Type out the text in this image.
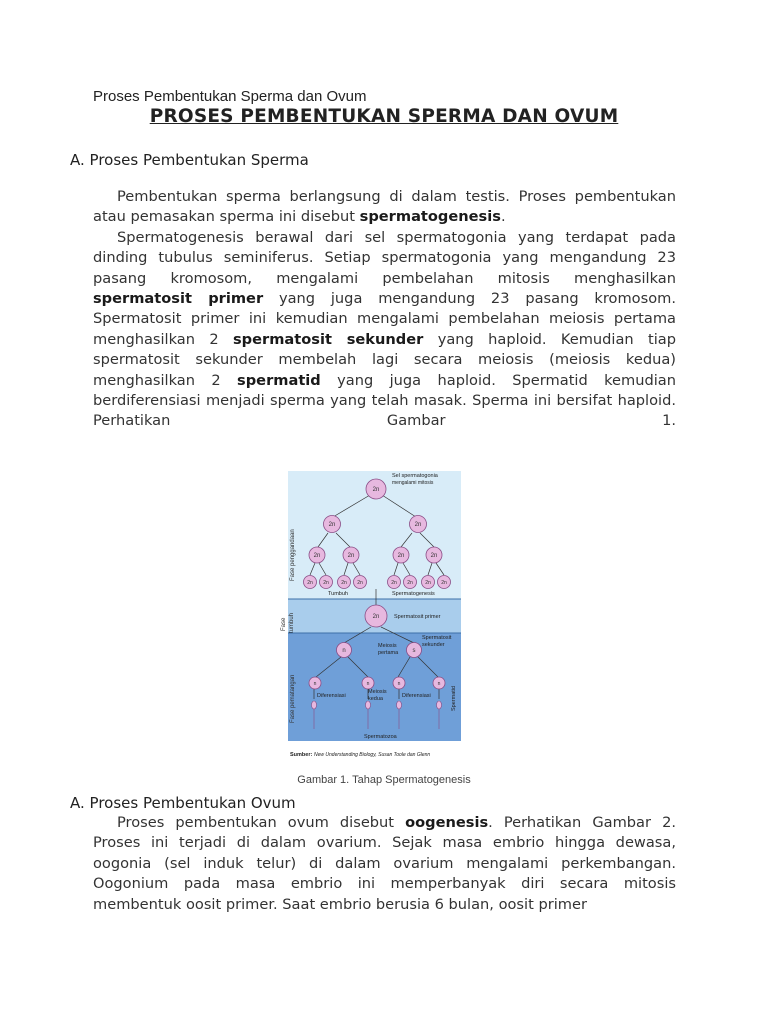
Proses Pembentukan Sperma dan Ovum
PROSES PEMBENTUKAN SPERMA DAN OVUM
A. Proses Pembentukan Sperma

Pembentukan sperma berlangsung di dalam testis. Proses pembentukan atau pemasakan sperma ini disebut spermatogenesis.

Spermatogenesis berawal dari sel spermatogonia yang terdapat pada dinding tubulus seminiferus. Setiap spermatogonia yang mengandung 23 pasang kromosom, mengalami pembelahan mitosis menghasilkan spermatosit primer yang juga mengandung 23 pasang kromosom. Spermatosit primer ini kemudian mengalami pembelahan meiosis pertama menghasilkan 2 spermatosit sekunder yang haploid. Kemudian tiap spermatosit sekunder membelah lagi secara meiosis (meiosis kedua) menghasilkan 2 spermatid yang juga haploid. Spermatid kemudian berdiferensiasi menjadi sperma yang telah masak. Sperma ini bersifat haploid. Perhatikan Gambar 1.

Fase penggandaan
Fase tumbuh
Fase pematangan
2n
2n	2n
2n	2n	2n	2n
2n 2n 2n 2n	2n 2n 2n 2n
2n
n	s
n	n	n	n
Sel spermatogonia
mengalami mitosis
Tumbuh	Spermatogenesis
Spermatosit primer
Meiosis
pertama
Spermatosit
sekunder
Diferensiasi
Meiosis
kedua	Diferensiasi	Spermatid
Spermatozoa
Sumber: New Understanding Biology, Susan Toole dan Glenn
Gambar 1. Tahap Spermatogenesis
A. Proses Pembentukan Ovum

Proses pembentukan ovum disebut oogenesis. Perhatikan Gambar 2. Proses ini terjadi di dalam ovarium. Sejak masa embrio hingga dewasa, oogonia (sel induk telur) di dalam ovarium mengalami perkembangan. Oogonium pada masa embrio ini memperbanyak diri secara mitosis membentuk oosit primer. Saat embrio berusia 6 bulan, oosit primer
